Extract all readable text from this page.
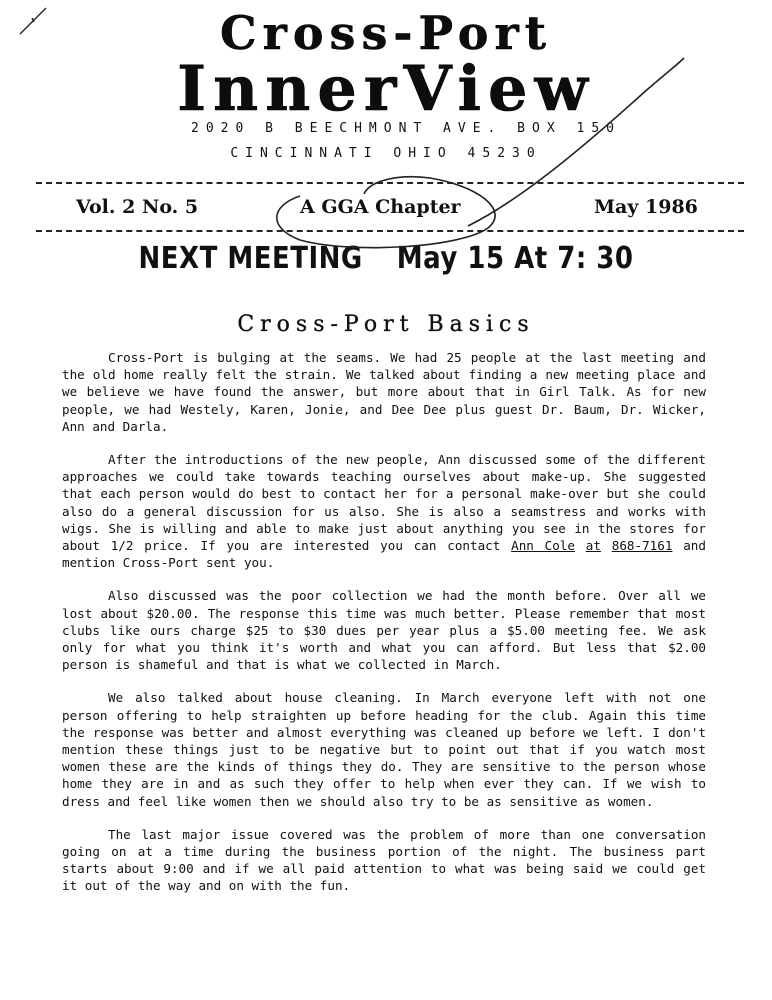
Cross-Port
InnerView
2020 B BEECHMONT AVE. BOX 150
CINCINNATI OHIO 45230
Vol. 2 No. 5	A GGA Chapter	May 1986
NEXT MEETING May 15 At 7: 30
Cross-Port Basics

Cross-Port is bulging at the seams. We had 25 people at the last meeting and the old home really felt the strain. We talked about finding a new meeting place and we believe we have found the answer, but more about that in Girl Talk. As for new people, we had Westely, Karen, Jonie, and Dee Dee plus guest Dr. Baum, Dr. Wicker, Ann and Darla.

After the introductions of the new people, Ann discussed some of the different approaches we could take towards teaching ourselves about make-up. She suggested that each person would do best to contact her for a personal make-over but she could also do a general discussion for us also. She is also a seamstress and works with wigs. She is willing and able to make just about anything you see in the stores for about 1/2 price. If you are interested you can contact Ann Cole at 868-7161 and mention Cross-Port sent you.

Also discussed was the poor collection we had the month before. Over all we lost about $20.00. The response this time was much better. Please remember that most clubs like ours charge $25 to $30 dues per year plus a $5.00 meeting fee. We ask only for what you think it's worth and what you can afford. But less that $2.00 person is shameful and that is what we collected in March.

We also talked about house cleaning. In March everyone left with not one person offering to help straighten up before heading for the club. Again this time the response was better and almost everything was cleaned up before we left. I don't mention these things just to be negative but to point out that if you watch most women these are the kinds of things they do. They are sensitive to the person whose home they are in and as such they offer to help when ever they can. If we wish to dress and feel like women then we should also try to be as sensitive as women.

The last major issue covered was the problem of more than one conversation going on at a time during the business portion of the night. The business part starts about 9:00 and if we all paid attention to what was being said we could get it out of the way and on with the fun.
